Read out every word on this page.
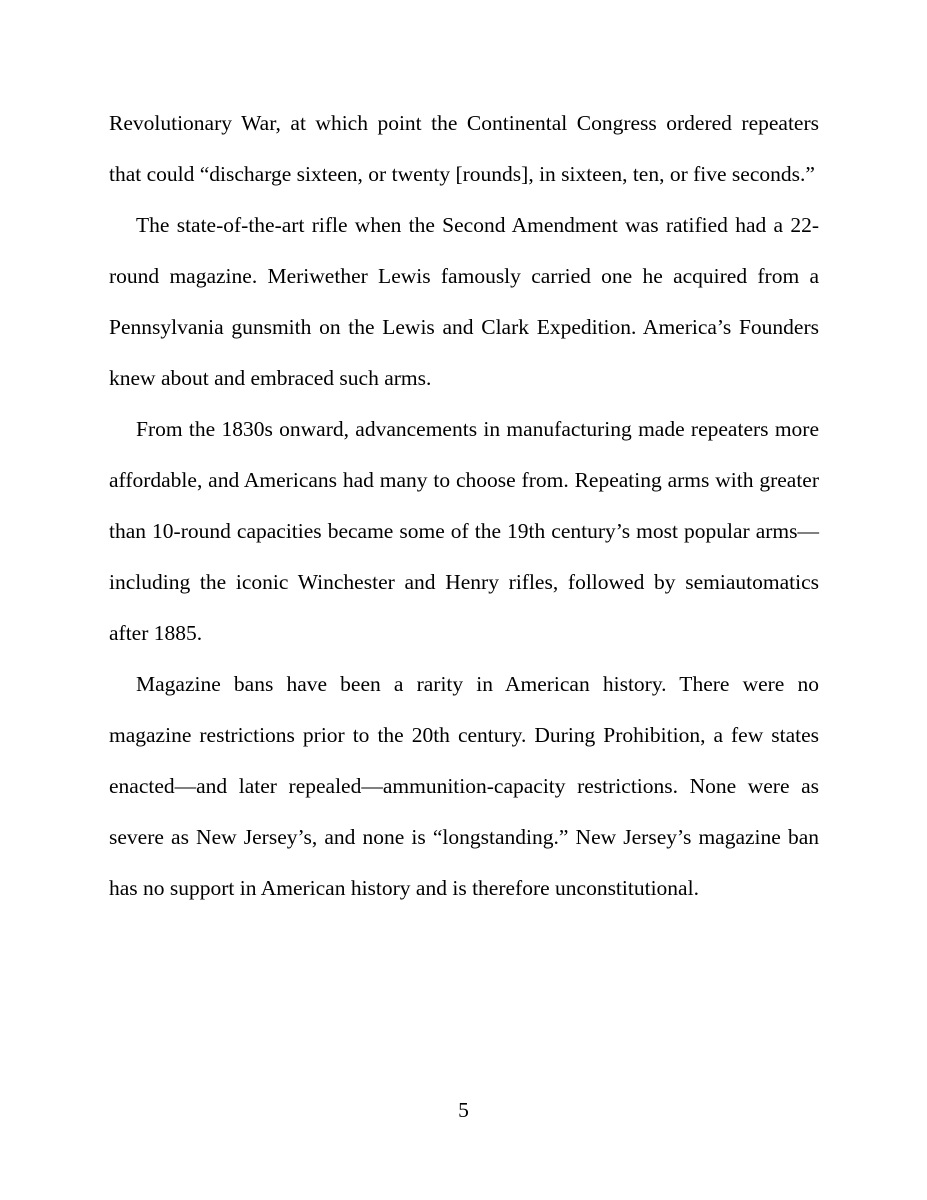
Revolutionary War, at which point the Continental Congress ordered repeaters that could “discharge sixteen, or twenty [rounds], in sixteen, ten, or five seconds.”

The state-of-the-art rifle when the Second Amendment was ratified had a 22-round magazine. Meriwether Lewis famously carried one he acquired from a Pennsylvania gunsmith on the Lewis and Clark Expedition. America’s Founders knew about and embraced such arms.

From the 1830s onward, advancements in manufacturing made repeaters more affordable, and Americans had many to choose from. Repeating arms with greater than 10-round capacities became some of the 19th century’s most popular arms—including the iconic Winchester and Henry rifles, followed by semiautomatics after 1885.

Magazine bans have been a rarity in American history. There were no magazine restrictions prior to the 20th century. During Prohibition, a few states enacted—and later repealed—ammunition-capacity restrictions. None were as severe as New Jersey’s, and none is “longstanding.” New Jersey’s magazine ban has no support in American history and is therefore unconstitutional.

5
